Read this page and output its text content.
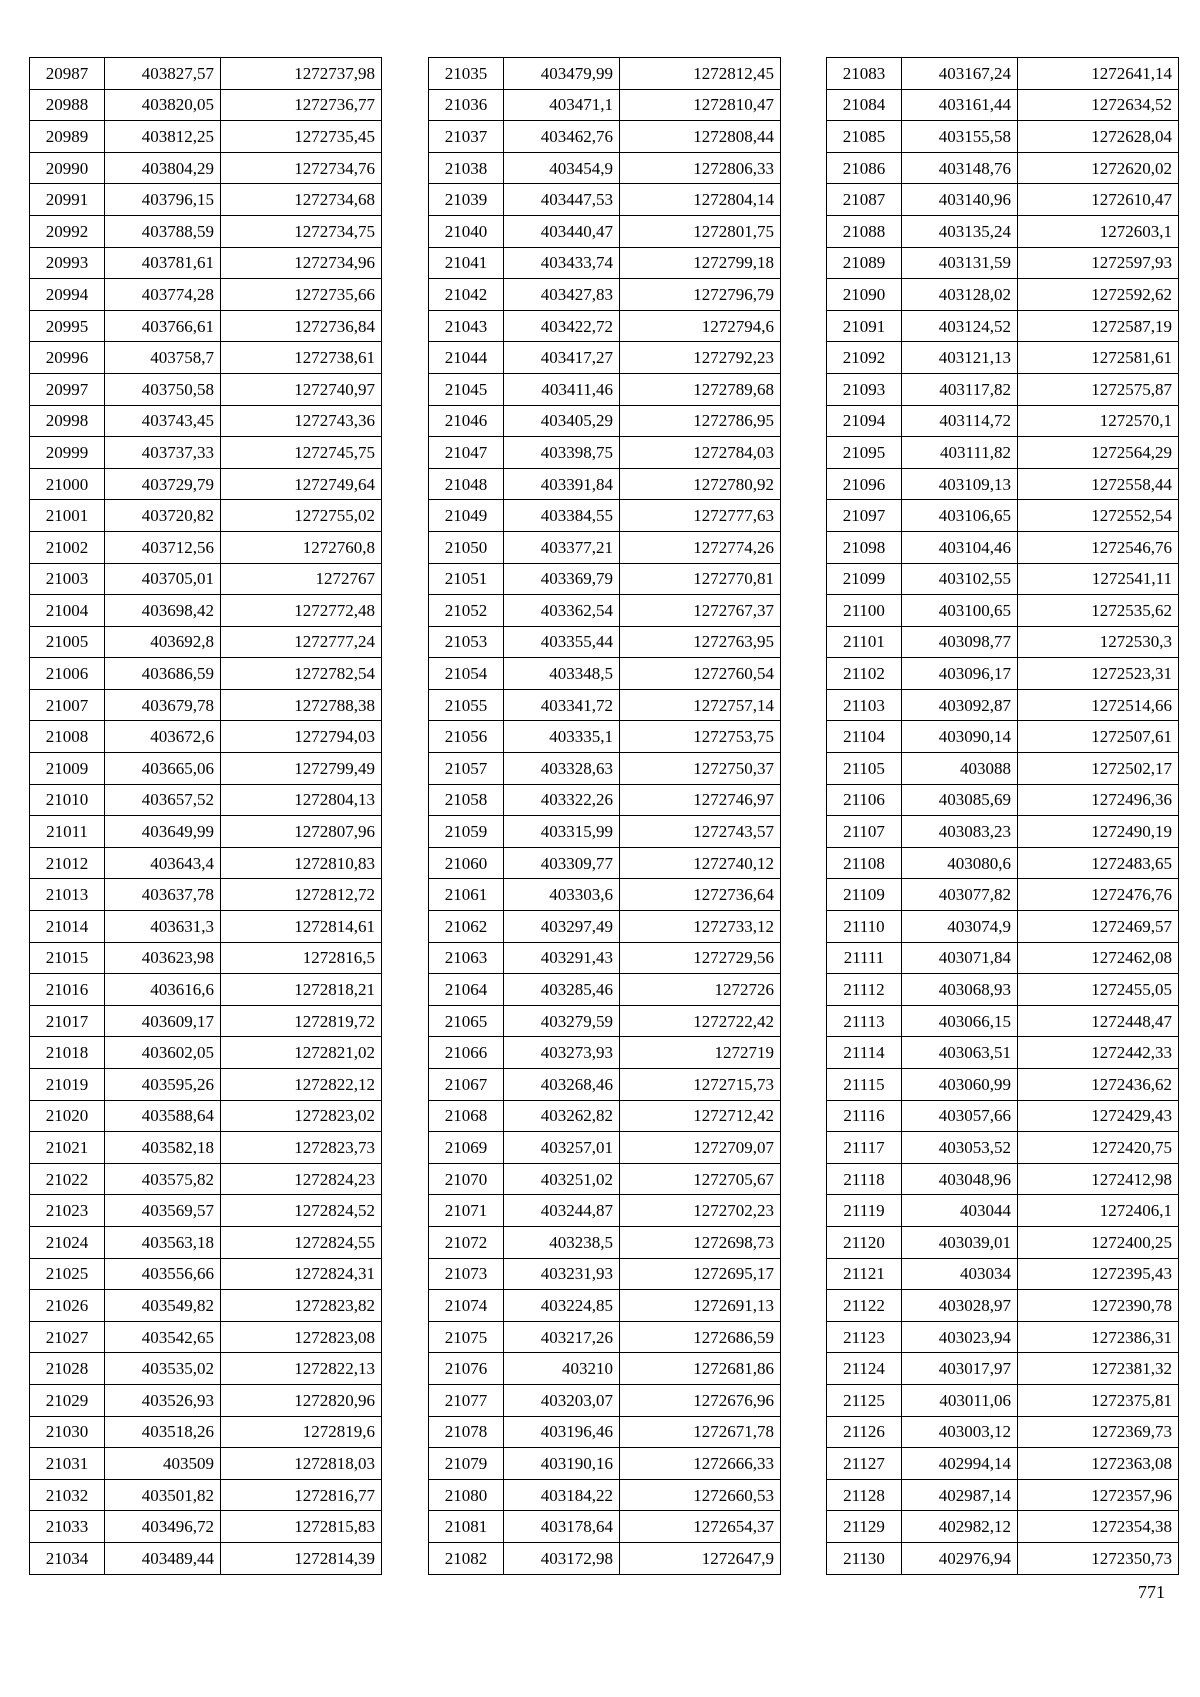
20987	403827,57	1272737,98
20988	403820,05	1272736,77
20989	403812,25	1272735,45
20990	403804,29	1272734,76
20991	403796,15	1272734,68
20992	403788,59	1272734,75
20993	403781,61	1272734,96
20994	403774,28	1272735,66
20995	403766,61	1272736,84
20996	403758,7	1272738,61
20997	403750,58	1272740,97
20998	403743,45	1272743,36
20999	403737,33	1272745,75
21000	403729,79	1272749,64
21001	403720,82	1272755,02
21002	403712,56	1272760,8
21003	403705,01	1272767
21004	403698,42	1272772,48
21005	403692,8	1272777,24
21006	403686,59	1272782,54
21007	403679,78	1272788,38
21008	403672,6	1272794,03
21009	403665,06	1272799,49
21010	403657,52	1272804,13
21011	403649,99	1272807,96
21012	403643,4	1272810,83
21013	403637,78	1272812,72
21014	403631,3	1272814,61
21015	403623,98	1272816,5
21016	403616,6	1272818,21
21017	403609,17	1272819,72
21018	403602,05	1272821,02
21019	403595,26	1272822,12
21020	403588,64	1272823,02
21021	403582,18	1272823,73
21022	403575,82	1272824,23
21023	403569,57	1272824,52
21024	403563,18	1272824,55
21025	403556,66	1272824,31
21026	403549,82	1272823,82
21027	403542,65	1272823,08
21028	403535,02	1272822,13
21029	403526,93	1272820,96
21030	403518,26	1272819,6
21031	403509	1272818,03
21032	403501,82	1272816,77
21033	403496,72	1272815,83
21034	403489,44	1272814,39
21035	403479,99	1272812,45
21036	403471,1	1272810,47
21037	403462,76	1272808,44
21038	403454,9	1272806,33
21039	403447,53	1272804,14
21040	403440,47	1272801,75
21041	403433,74	1272799,18
21042	403427,83	1272796,79
21043	403422,72	1272794,6
21044	403417,27	1272792,23
21045	403411,46	1272789,68
21046	403405,29	1272786,95
21047	403398,75	1272784,03
21048	403391,84	1272780,92
21049	403384,55	1272777,63
21050	403377,21	1272774,26
21051	403369,79	1272770,81
21052	403362,54	1272767,37
21053	403355,44	1272763,95
21054	403348,5	1272760,54
21055	403341,72	1272757,14
21056	403335,1	1272753,75
21057	403328,63	1272750,37
21058	403322,26	1272746,97
21059	403315,99	1272743,57
21060	403309,77	1272740,12
21061	403303,6	1272736,64
21062	403297,49	1272733,12
21063	403291,43	1272729,56
21064	403285,46	1272726
21065	403279,59	1272722,42
21066	403273,93	1272719
21067	403268,46	1272715,73
21068	403262,82	1272712,42
21069	403257,01	1272709,07
21070	403251,02	1272705,67
21071	403244,87	1272702,23
21072	403238,5	1272698,73
21073	403231,93	1272695,17
21074	403224,85	1272691,13
21075	403217,26	1272686,59
21076	403210	1272681,86
21077	403203,07	1272676,96
21078	403196,46	1272671,78
21079	403190,16	1272666,33
21080	403184,22	1272660,53
21081	403178,64	1272654,37
21082	403172,98	1272647,9
21083	403167,24	1272641,14
21084	403161,44	1272634,52
21085	403155,58	1272628,04
21086	403148,76	1272620,02
21087	403140,96	1272610,47
21088	403135,24	1272603,1
21089	403131,59	1272597,93
21090	403128,02	1272592,62
21091	403124,52	1272587,19
21092	403121,13	1272581,61
21093	403117,82	1272575,87
21094	403114,72	1272570,1
21095	403111,82	1272564,29
21096	403109,13	1272558,44
21097	403106,65	1272552,54
21098	403104,46	1272546,76
21099	403102,55	1272541,11
21100	403100,65	1272535,62
21101	403098,77	1272530,3
21102	403096,17	1272523,31
21103	403092,87	1272514,66
21104	403090,14	1272507,61
21105	403088	1272502,17
21106	403085,69	1272496,36
21107	403083,23	1272490,19
21108	403080,6	1272483,65
21109	403077,82	1272476,76
21110	403074,9	1272469,57
21111	403071,84	1272462,08
21112	403068,93	1272455,05
21113	403066,15	1272448,47
21114	403063,51	1272442,33
21115	403060,99	1272436,62
21116	403057,66	1272429,43
21117	403053,52	1272420,75
21118	403048,96	1272412,98
21119	403044	1272406,1
21120	403039,01	1272400,25
21121	403034	1272395,43
21122	403028,97	1272390,78
21123	403023,94	1272386,31
21124	403017,97	1272381,32
21125	403011,06	1272375,81
21126	403003,12	1272369,73
21127	402994,14	1272363,08
21128	402987,14	1272357,96
21129	402982,12	1272354,38
21130	402976,94	1272350,73
771
